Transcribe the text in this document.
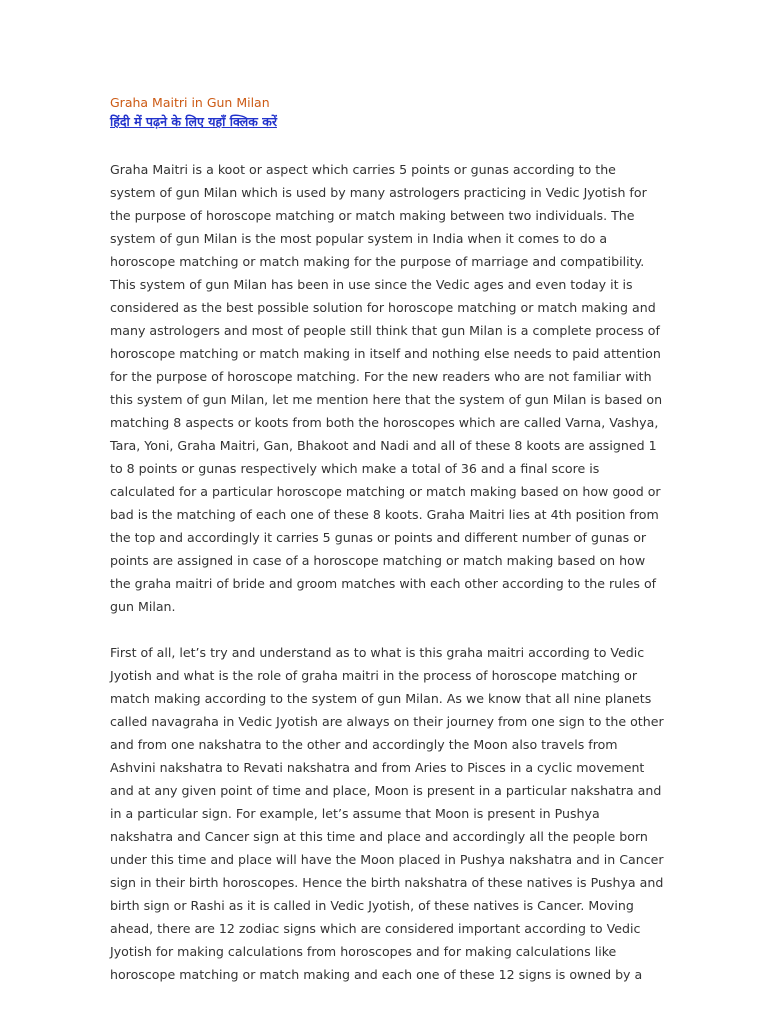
Graha Maitri in Gun Milan
हिंदी में पढ़ने के लिए यहाँ क्लिक करें

Graha Maitri is a koot or aspect which carries 5 points or gunas according to the
system of gun Milan which is used by many astrologers practicing in Vedic Jyotish for
the purpose of horoscope matching or match making between two individuals. The
system of gun Milan is the most popular system in India when it comes to do a
horoscope matching or match making for the purpose of marriage and compatibility.
This system of gun Milan has been in use since the Vedic ages and even today it is
considered as the best possible solution for horoscope matching or match making and
many astrologers and most of people still think that gun Milan is a complete process of
horoscope matching or match making in itself and nothing else needs to paid attention
for the purpose of horoscope matching. For the new readers who are not familiar with
this system of gun Milan, let me mention here that the system of gun Milan is based on
matching 8 aspects or koots from both the horoscopes which are called Varna, Vashya,
Tara, Yoni, Graha Maitri, Gan, Bhakoot and Nadi and all of these 8 koots are assigned 1
to 8 points or gunas respectively which make a total of 36 and a final score is
calculated for a particular horoscope matching or match making based on how good or
bad is the matching of each one of these 8 koots. Graha Maitri lies at 4th position from
the top and accordingly it carries 5 gunas or points and different number of gunas or
points are assigned in case of a horoscope matching or match making based on how
the graha maitri of bride and groom matches with each other according to the rules of
gun Milan.

First of all, let’s try and understand as to what is this graha maitri according to Vedic
Jyotish and what is the role of graha maitri in the process of horoscope matching or
match making according to the system of gun Milan. As we know that all nine planets
called navagraha in Vedic Jyotish are always on their journey from one sign to the other
and from one nakshatra to the other and accordingly the Moon also travels from
Ashvini nakshatra to Revati nakshatra and from Aries to Pisces in a cyclic movement
and at any given point of time and place, Moon is present in a particular nakshatra and
in a particular sign. For example, let’s assume that Moon is present in Pushya
nakshatra and Cancer sign at this time and place and accordingly all the people born
under this time and place will have the Moon placed in Pushya nakshatra and in Cancer
sign in their birth horoscopes. Hence the birth nakshatra of these natives is Pushya and
birth sign or Rashi as it is called in Vedic Jyotish, of these natives is Cancer. Moving
ahead, there are 12 zodiac signs which are considered important according to Vedic
Jyotish for making calculations from horoscopes and for making calculations like
horoscope matching or match making and each one of these 12 signs is owned by a
